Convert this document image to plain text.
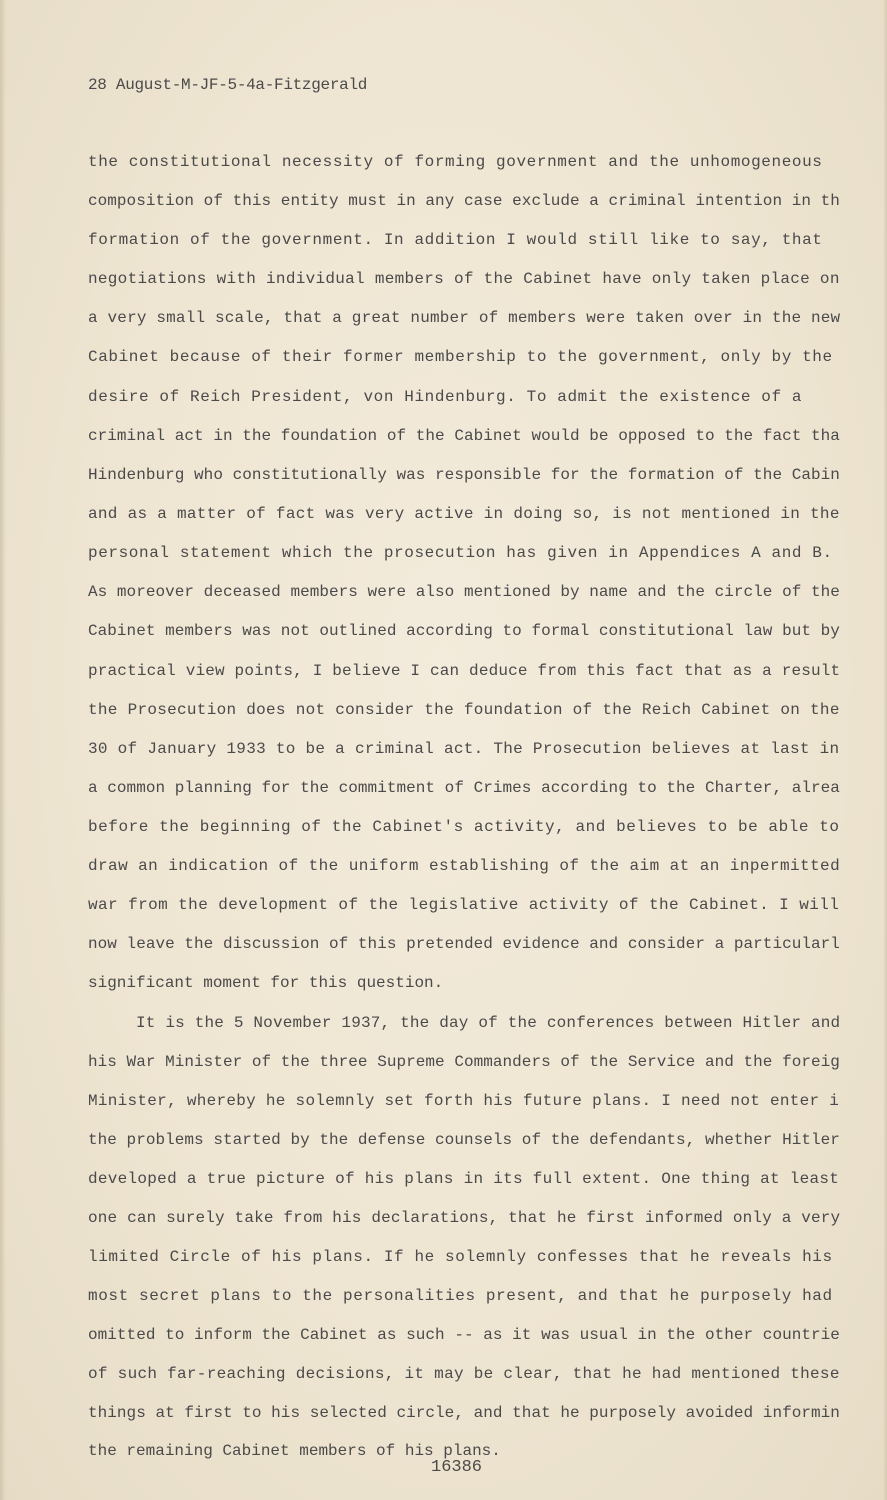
28 August-M-JF-5-4a-Fitzgerald
the constitutional necessity of forming government and the unhomogeneous
composition of this entity must in any case exclude a criminal intention in th
formation of the government. In addition I would still like to say, that
negotiations with individual members of the Cabinet have only taken place on
a very small scale, that a great number of members were taken over in the new
Cabinet because of their former membership to the government, only by the
desire of Reich President, von Hindenburg. To admit the existence of a
criminal act in the foundation of the Cabinet would be opposed to the fact tha
Hindenburg who constitutionally was responsible for the formation of the Cabin
and as a matter of fact was very active in doing so, is not mentioned in the
personal statement which the prosecution has given in Appendices A and B.
As moreover deceased members were also mentioned by name and the circle of the
Cabinet members was not outlined according to formal constitutional law but by
practical view points, I believe I can deduce from this fact that as a result
the Prosecution does not consider the foundation of the Reich Cabinet on the
30 of January 1933 to be a criminal act. The Prosecution believes at last in
a common planning for the commitment of Crimes according to the Charter, alrea
before the beginning of the Cabinet's activity, and believes to be able to
draw an indication of the uniform establishing of the aim at an inpermitted
war from the development of the legislative activity of the Cabinet. I will
now leave the discussion of this pretended evidence and consider a particularl
significant moment for this question.
It is the 5 November 1937, the day of the conferences between Hitler and
his War Minister of the three Supreme Commanders of the Service and the foreig
Minister, whereby he solemnly set forth his future plans. I need not enter i
the problems started by the defense counsels of the defendants, whether Hitler
developed a true picture of his plans in its full extent. One thing at least
one can surely take from his declarations, that he first informed only a very
limited Circle of his plans. If he solemnly confesses that he reveals his
most secret plans to the personalities present, and that he purposely had
omitted to inform the Cabinet as such -- as it was usual in the other countrie
of such far-reaching decisions, it may be clear, that he had mentioned these
things at first to his selected circle, and that he purposely avoided informin
the remaining Cabinet members of his plans.
16386
